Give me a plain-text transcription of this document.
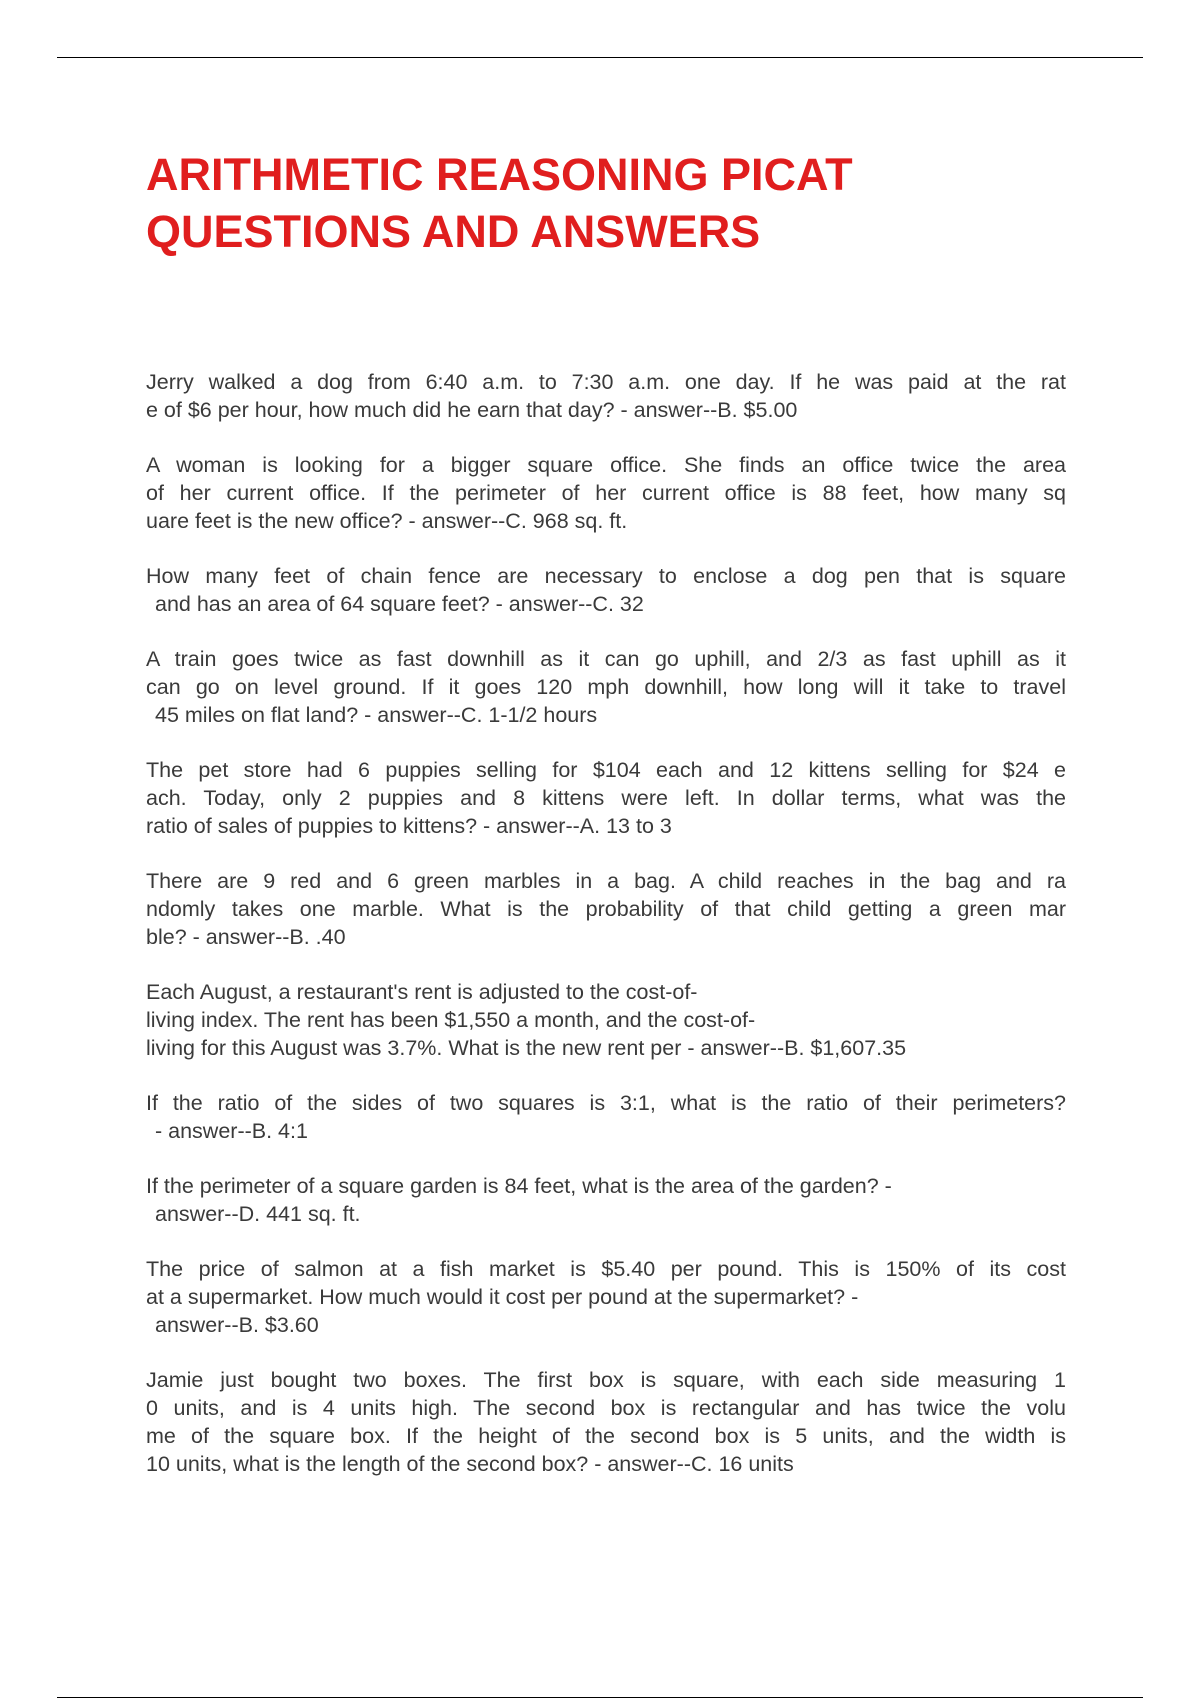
ARITHMETIC REASONING PICAT
QUESTIONS AND ANSWERS
Jerry walked a dog from 6:40 a.m. to 7:30 a.m. one day. If he was paid at the rat
e of $6 per hour, how much did he earn that day? - answer--B. $5.00
A woman is looking for a bigger square office. She finds an office twice the area
of her current office. If the perimeter of her current office is 88 feet, how many sq
uare feet is the new office? - answer--C. 968 sq. ft.
How many feet of chain fence are necessary to enclose a dog pen that is square
and has an area of 64 square feet? - answer--C. 32
A train goes twice as fast downhill as it can go uphill, and 2/3 as fast uphill as it
can go on level ground. If it goes 120 mph downhill, how long will it take to travel
45 miles on flat land? - answer--C. 1-1/2 hours
The pet store had 6 puppies selling for $104 each and 12 kittens selling for $24 e
ach. Today, only 2 puppies and 8 kittens were left. In dollar terms, what was the
ratio of sales of puppies to kittens? - answer--A. 13 to 3
There are 9 red and 6 green marbles in a bag. A child reaches in the bag and ra
ndomly takes one marble. What is the probability of that child getting a green mar
ble? - answer--B. .40
Each August, a restaurant's rent is adjusted to the cost-of-
living index. The rent has been $1,550 a month, and the cost-of-
living for this August was 3.7%. What is the new rent per - answer--B. $1,607.35
If the ratio of the sides of two squares is 3:1, what is the ratio of their perimeters?
- answer--B. 4:1
If the perimeter of a square garden is 84 feet, what is the area of the garden? -
answer--D. 441 sq. ft.
The price of salmon at a fish market is $5.40 per pound. This is 150% of its cost
at a supermarket. How much would it cost per pound at the supermarket? -
answer--B. $3.60
Jamie just bought two boxes. The first box is square, with each side measuring 1
0 units, and is 4 units high. The second box is rectangular and has twice the volu
me of the square box. If the height of the second box is 5 units, and the width is
10 units, what is the length of the second box? - answer--C. 16 units
